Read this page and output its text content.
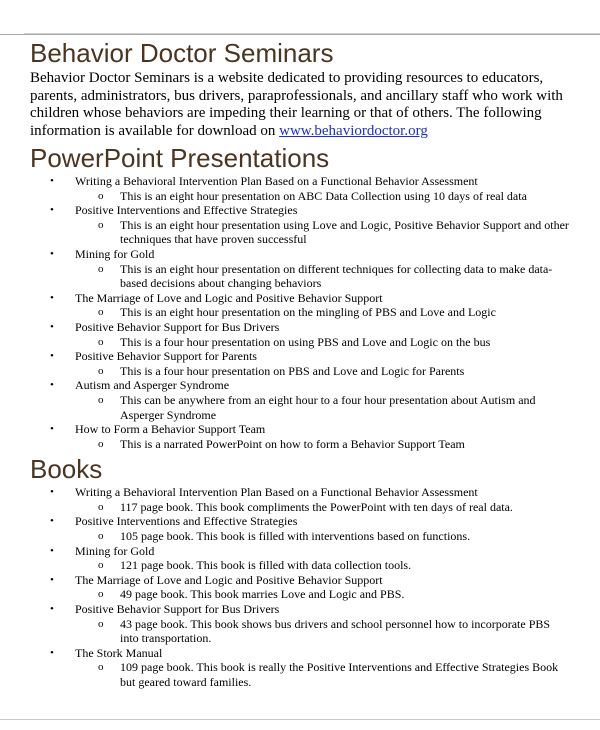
Behavior Doctor Seminars

Behavior Doctor Seminars is a website dedicated to providing resources to educators, parents, administrators, bus drivers, paraprofessionals, and ancillary staff who work with children whose behaviors are impeding their learning or that of others. The following information is available for download on www.behaviordoctor.org

PowerPoint Presentations
• Writing a Behavioral Intervention Plan Based on a Functional Behavior Assessment
o This is an eight hour presentation on ABC Data Collection using 10 days of real data
• Positive Interventions and Effective Strategies
o This is an eight hour presentation using Love and Logic, Positive Behavior Support and other techniques that have proven successful
• Mining for Gold
o This is an eight hour presentation on different techniques for collecting data to make data-based decisions about changing behaviors
• The Marriage of Love and Logic and Positive Behavior Support
o This is an eight hour presentation on the mingling of PBS and Love and Logic
• Positive Behavior Support for Bus Drivers
o This is a four hour presentation on using PBS and Love and Logic on the bus
• Positive Behavior Support for Parents
o This is a four hour presentation on PBS and Love and Logic for Parents
• Autism and Asperger Syndrome
o This can be anywhere from an eight hour to a four hour presentation about Autism and Asperger Syndrome
• How to Form a Behavior Support Team
o This is a narrated PowerPoint on how to form a Behavior Support Team
Books
• Writing a Behavioral Intervention Plan Based on a Functional Behavior Assessment
o 117 page book. This book compliments the PowerPoint with ten days of real data.
• Positive Interventions and Effective Strategies
o 105 page book. This book is filled with interventions based on functions.
• Mining for Gold
o 121 page book. This book is filled with data collection tools.
• The Marriage of Love and Logic and Positive Behavior Support
o 49 page book. This book marries Love and Logic and PBS.
• Positive Behavior Support for Bus Drivers
o 43 page book. This book shows bus drivers and school personnel how to incorporate PBS into transportation.
• The Stork Manual
o 109 page book. This book is really the Positive Interventions and Effective Strategies Book but geared toward families.
